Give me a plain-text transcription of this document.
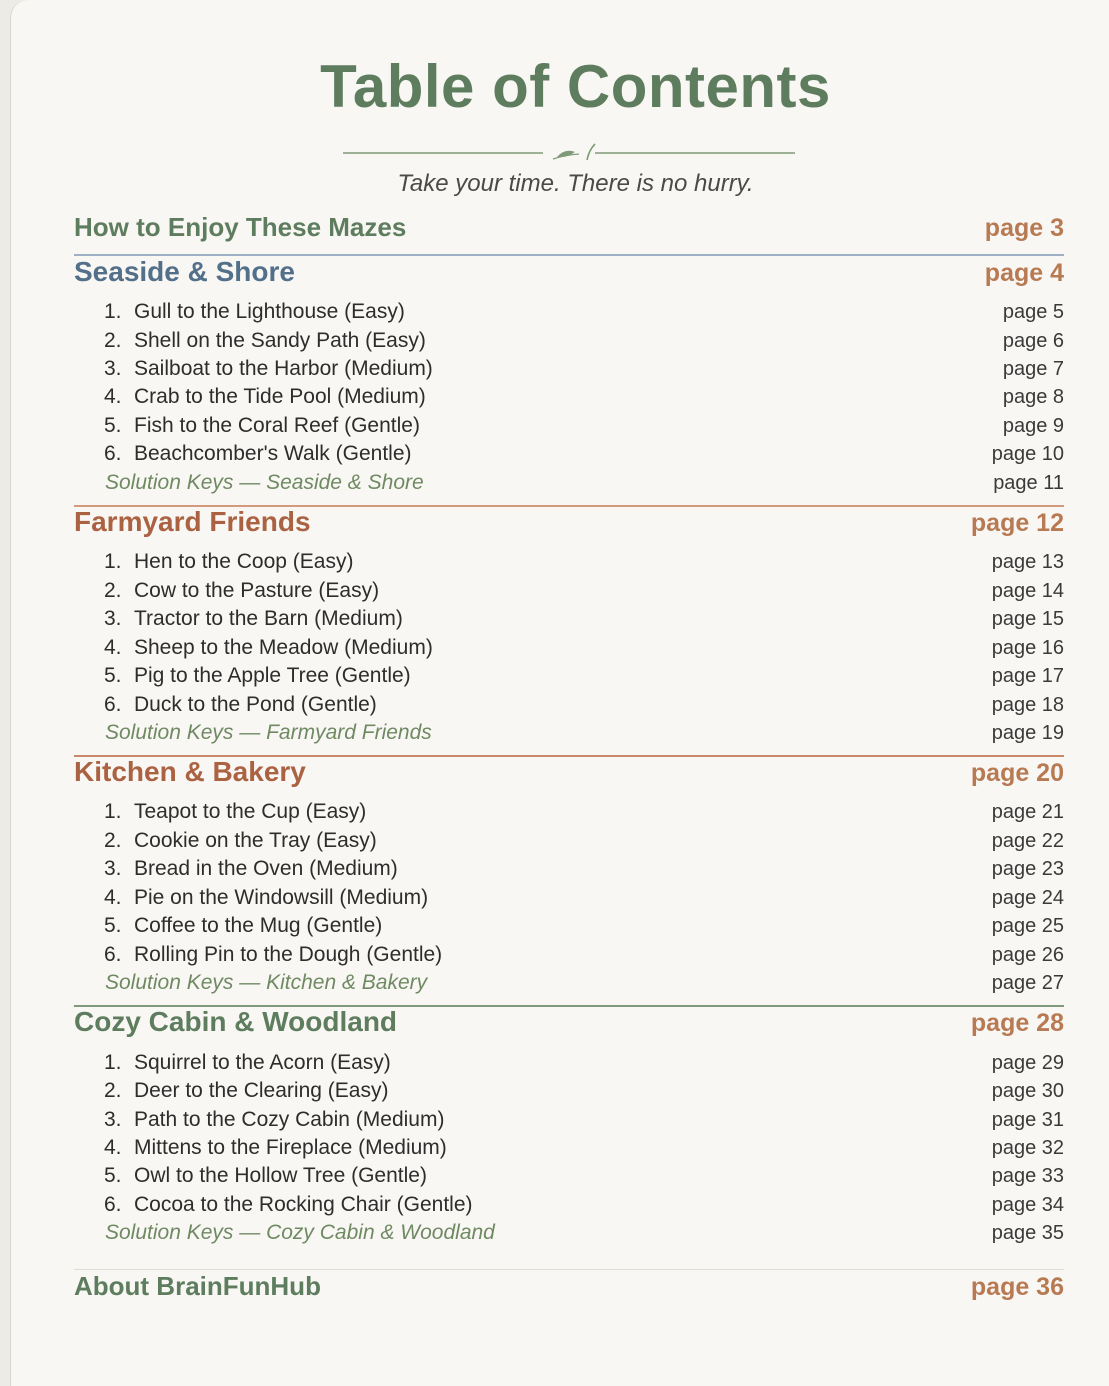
Table of Contents
Take your time. There is no hurry.
How to Enjoy These Mazes	page 3
Seaside & Shore	page 4
1. Gull to the Lighthouse (Easy)	page 5
2. Shell on the Sandy Path (Easy)	page 6
3. Sailboat to the Harbor (Medium)	page 7
4. Crab to the Tide Pool (Medium)	page 8
5. Fish to the Coral Reef (Gentle)	page 9
6. Beachcomber's Walk (Gentle)	page 10
Solution Keys — Seaside & Shore	page 11
Farmyard Friends	page 12
1. Hen to the Coop (Easy)	page 13
2. Cow to the Pasture (Easy)	page 14
3. Tractor to the Barn (Medium)	page 15
4. Sheep to the Meadow (Medium)	page 16
5. Pig to the Apple Tree (Gentle)	page 17
6. Duck to the Pond (Gentle)	page 18
Solution Keys — Farmyard Friends	page 19
Kitchen & Bakery	page 20
1. Teapot to the Cup (Easy)	page 21
2. Cookie on the Tray (Easy)	page 22
3. Bread in the Oven (Medium)	page 23
4. Pie on the Windowsill (Medium)	page 24
5. Coffee to the Mug (Gentle)	page 25
6. Rolling Pin to the Dough (Gentle)	page 26
Solution Keys — Kitchen & Bakery	page 27
Cozy Cabin & Woodland	page 28
1. Squirrel to the Acorn (Easy)	page 29
2. Deer to the Clearing (Easy)	page 30
3. Path to the Cozy Cabin (Medium)	page 31
4. Mittens to the Fireplace (Medium)	page 32
5. Owl to the Hollow Tree (Gentle)	page 33
6. Cocoa to the Rocking Chair (Gentle)	page 34
Solution Keys — Cozy Cabin & Woodland	page 35
About BrainFunHub	page 36
